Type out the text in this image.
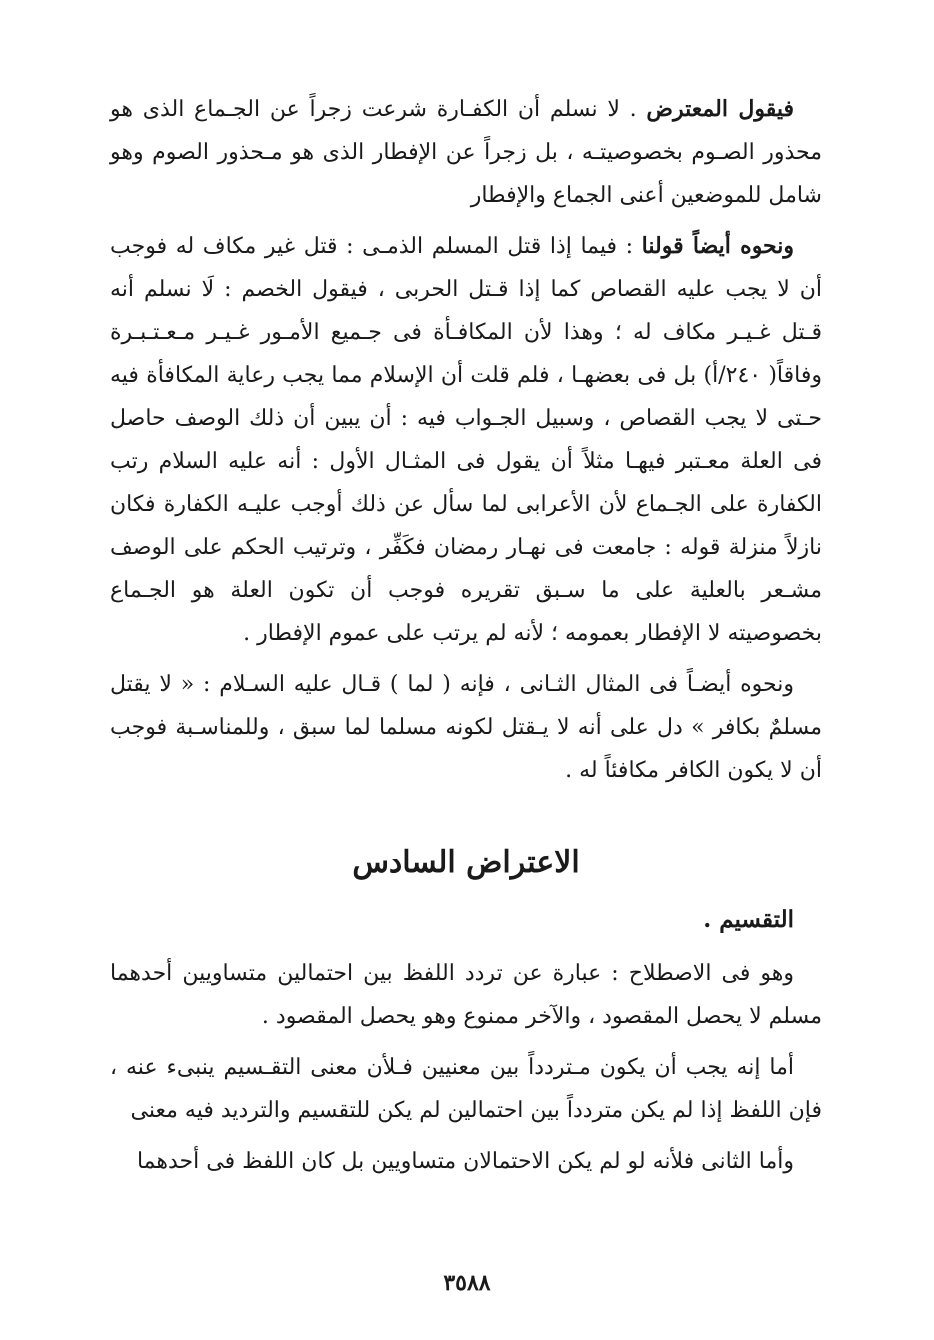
فيقول المعترض . لا نسلم أن الكفـارة شرعت زجراً عن الجـماع الذى هو محذور الصـوم بخصوصيتـه ، بل زجراً عن الإفطار الذى هو مـحذور الصوم وهو شامل للموضعين أعنى الجماع والإفطار

ونحوه أيضاً قولنا : فيما إذا قتل المسلم الذمـى : قتل غير مكاف له فوجب أن لا يجب عليه القصاص كما إذا قـتل الحربى ، فيقول الخصم : لَا نسلم أنه قـتل غـيـر مكاف له ؛ وهذا لأن المكافـأة فى جـميع الأمـور غـيـر مـعـتـبـرة وفاقاً( ٢٤٠/أ) بل فى بعضهـا ، فلم قلت أن الإسلام مما يجب رعاية المكافأة فيه حـتى لا يجب القصاص ، وسبيل الجـواب فيه : أن يبين أن ذلك الوصف حاصل فى العلة معـتبر فيهـا مثلاً أن يقول فى المثـال الأول : أنه عليه السلام رتب الكفارة على الجـماع لأن الأعرابى لما سأل عن ذلك أوجب عليـه الكفارة فكان نازلاً منزلة قوله : جامعت فى نهـار رمضان فكَفِّر ، وترتيب الحكم على الوصف مشـعر بالعلية على ما سـبق تقريره فوجب أن تكون العلة هو الجـماع بخصوصيته لا الإفطار بعمومه ؛ لأنه لم يرتب على عموم الإفطار .

ونحوه أيضـاً فى المثال الثـانى ، فإنه ( لما ) قـال عليه السـلام : « لا يقتل مسلمٌ بكافر » دل على أنه لا يـقتل لكونه مسلما لما سبق ، وللمناسـبة فوجب أن لا يكون الكافر مكافئاً له .

الاعتراض السادس
التقسيم .

وهو فى الاصطلاح : عبارة عن تردد اللفظ بين احتمالين متساويين أحدهما مسلم لا يحصل المقصود ، والآخر ممنوع وهو يحصل المقصود .

أما إنه يجب أن يكون مـتردداً بين معنيين فـلأن معنى التقـسيم ينبىء عنه ، فإن اللفظ إذا لم يكن متردداً بين احتمالين لم يكن للتقسيم والترديد فيه معنى

وأما الثانى فلأنه لو لم يكن الاحتمالان متساويين بل كان اللفظ فى أحدهما

٣٥٨٨
